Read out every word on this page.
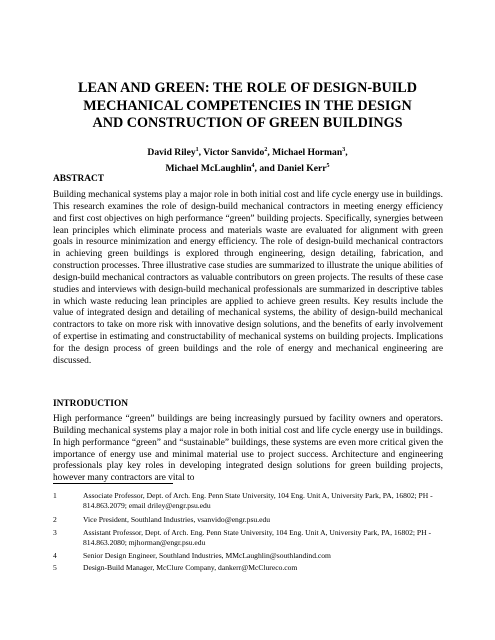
LEAN AND GREEN: THE ROLE OF DESIGN-BUILD
MECHANICAL COMPETENCIES IN THE DESIGN
AND CONSTRUCTION OF GREEN BUILDINGS
David Riley$^1$, Victor Sanvido$^2$, Michael Horman$^3$,
Michael McLaughlin$^4$, and Daniel Kerr$^5$
ABSTRACT

Building mechanical systems play a major role in both initial cost and life cycle energy use in buildings. This research examines the role of design-build mechanical contractors in meeting energy efficiency and first cost objectives on high performance “green” building projects. Specifically, synergies between lean principles which eliminate process and materials waste are evaluated for alignment with green goals in resource minimization and energy efficiency. The role of design-build mechanical contractors in achieving green buildings is explored through engineering, design detailing, fabrication, and construction processes. Three illustrative case studies are summarized to illustrate the unique abilities of design-build mechanical contractors as valuable contributors on green projects. The results of these case studies and interviews with design-build mechanical professionals are summarized in descriptive tables in which waste reducing lean principles are applied to achieve green results. Key results include the value of integrated design and detailing of mechanical systems, the ability of design-build mechanical contractors to take on more risk with innovative design solutions, and the benefits of early involvement of expertise in estimating and constructability of mechanical systems on building projects. Implications for the design process of green buildings and the role of energy and mechanical engineering are discussed.

INTRODUCTION

High performance “green” buildings are being increasingly pursued by facility owners and operators. Building mechanical systems play a major role in both initial cost and life cycle energy use in buildings. In high performance “green” and “sustainable” buildings, these systems are even more critical given the importance of energy use and minimal material use to project success. Architecture and engineering professionals play key roles in developing integrated design solutions for green building projects, however many contractors are vital to

1	Associate Professor, Dept. of Arch. Eng. Penn State University, 104 Eng. Unit A, University Park, PA, 16802; PH - 814.863.2079; email driley@engr.psu.edu
2	Vice President, Southland Industries, vsanvido@engr.psu.edu
3	Assistant Professor, Dept. of Arch. Eng. Penn State University, 104 Eng. Unit A, University Park, PA, 16802; PH - 814.863.2080; mjhorman@engr.psu.edu
4	Senior Design Engineer, Southland Industries, MMcLaughlin@southlandind.com
5	Design-Build Manager, McClure Company, dankerr@McClureco.com
